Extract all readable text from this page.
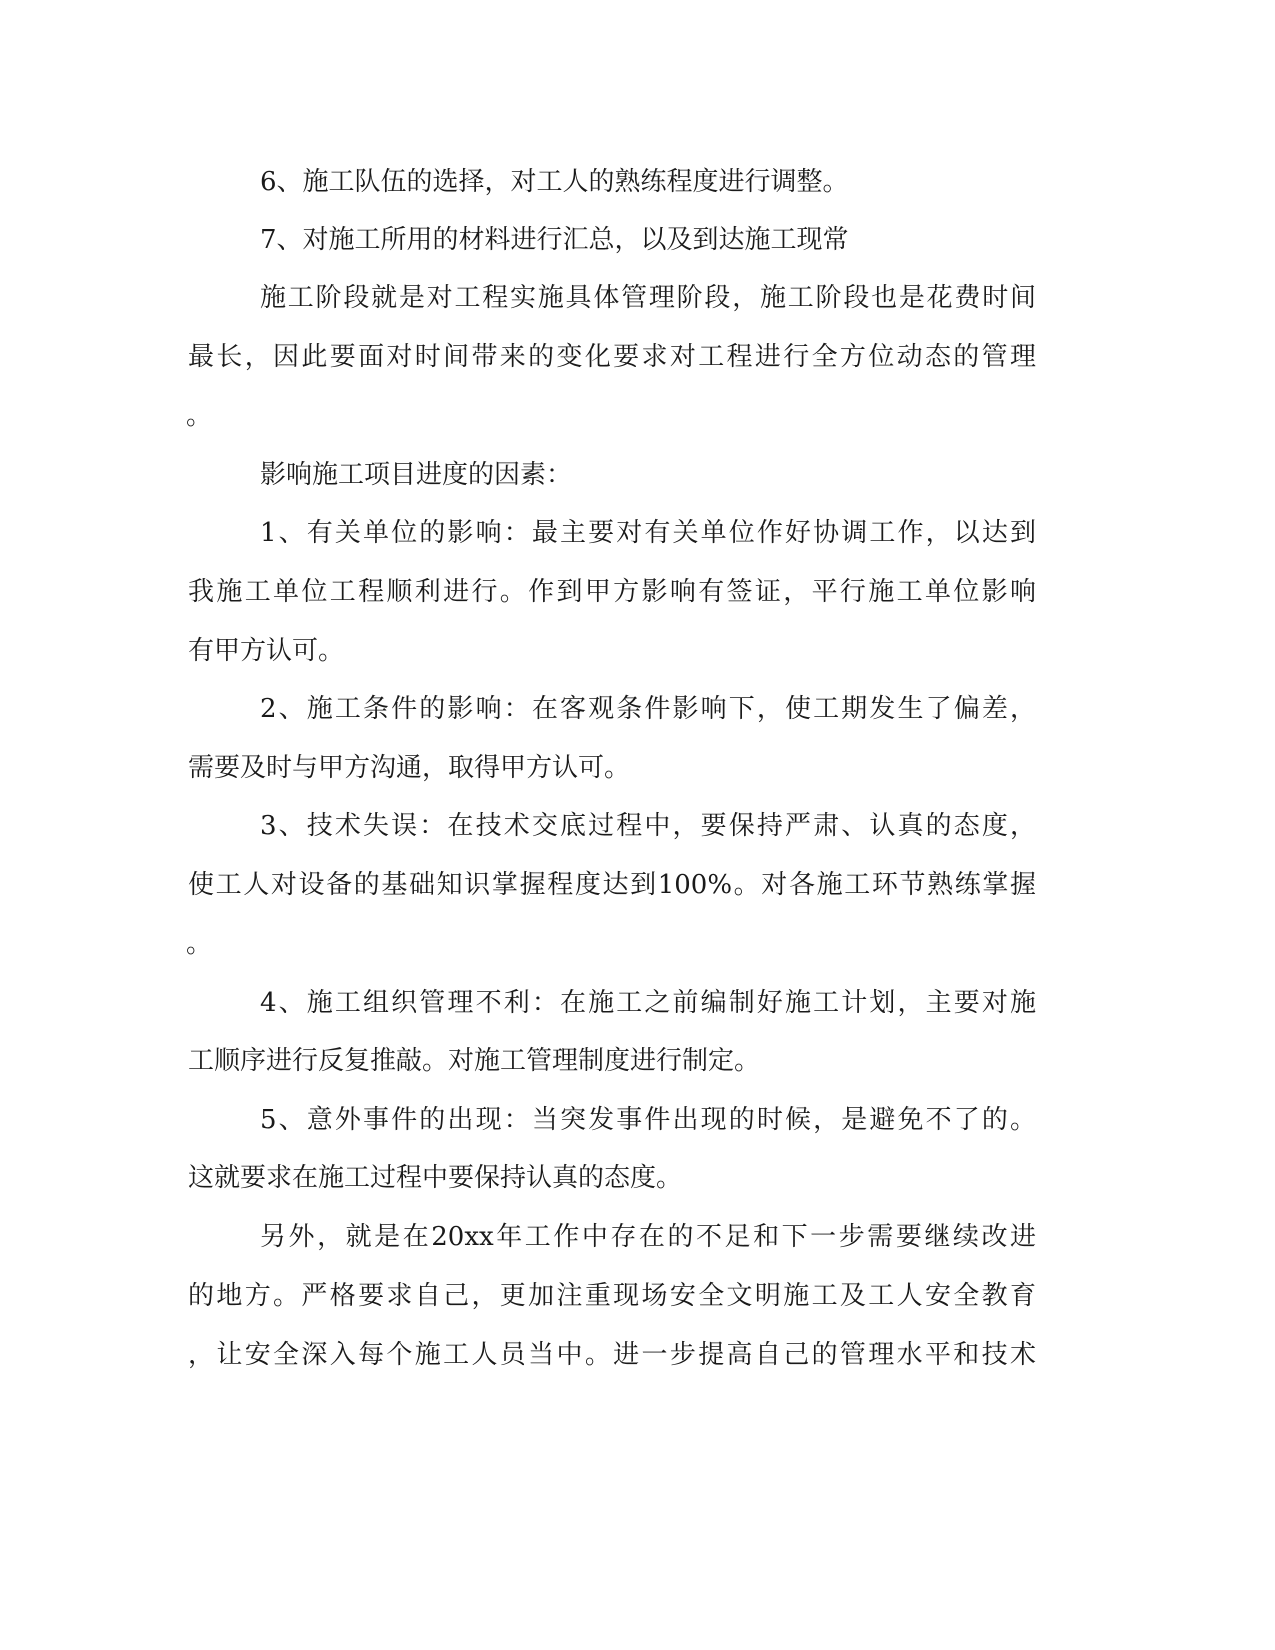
6、施工队伍的选择，对工人的熟练程度进行调整。

7、对施工所用的材料进行汇总，以及到达施工现常

施工阶段就是对工程实施具体管理阶段，施工阶段也是花费时间

最长，因此要面对时间带来的变化要求对工程进行全方位动态的管理

。

影响施工项目进度的因素：

1、有关单位的影响：最主要对有关单位作好协调工作，以达到

我施工单位工程顺利进行。作到甲方影响有签证，平行施工单位影响

有甲方认可。

2、施工条件的影响：在客观条件影响下，使工期发生了偏差，

需要及时与甲方沟通，取得甲方认可。

3、技术失误：在技术交底过程中，要保持严肃、认真的态度，

使工人对设备的基础知识掌握程度达到100%。对各施工环节熟练掌握

。

4、施工组织管理不利：在施工之前编制好施工计划，主要对施

工顺序进行反复推敲。对施工管理制度进行制定。

5、意外事件的出现：当突发事件出现的时候，是避免不了的。

这就要求在施工过程中要保持认真的态度。

另外，就是在20xx年工作中存在的不足和下一步需要继续改进

的地方。严格要求自己，更加注重现场安全文明施工及工人安全教育

，让安全深入每个施工人员当中。进一步提高自己的管理水平和技术
